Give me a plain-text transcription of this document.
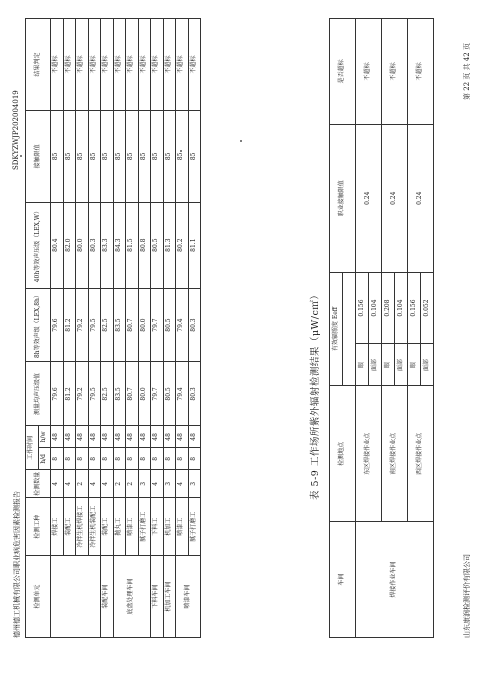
德州德工机械有限公司职业病危害因素检测报告
SDKYZWJP202004019
检测单元	检测工种	检测数量	工作时间		测量均声压级值	8h等效声级（LEX,8h）	40h等效声压级（LEX,W）	接触限值	结果判定
			h/d	h/w					
	焊接工	4	8	48	79.6	79.6	80.4	85	不超标
	装配工	4	8	48	81.2	81.2	82.0	85	不超标
	冷拌生机焊接工	2	8	48	79.2	79.2	80.0	85	不超标
	冷拌生机装配工	4	8	48	79.5	79.5	80.3	85	不超标
装配车间	装配工	4	8	48	82.5	82.5	83.3	85	不超标
底盘处理车间	抛丸工	2	8	48	83.5	83.5	84.3	85	不超标
	喷漆工	2	8	48	80.7	80.7	81.5	85	不超标
	腻子打磨工	3	8	48	80.0	80.0	80.8	85	不超标
下料车间	下料工	4	8	48	79.7	79.7	80.5	85	不超标
机加工车间	机加工	3	8	48	80.5	80.5	81.3	85	不超标
喷漆车间	喷漆工	4	8	48	79.4	79.4	80.2	85	不超标
	腻子打磨工	3	8	48	80.3	80.3	81.1	85	不超标
表 5-9 工作场所紫外辐射检测结果（μW/c㎡）
车间	检测地点	有效辐照度 Eeff		职业接触限值	是否超标

焊接作业车间	东区焊接作业点	眼	0.156	0.24	不超标
		面部	0.104		
	南区焊接作业点	眼	0.208	0.24	不超标
		面部	0.104		
	西区焊接作业点	眼	0.156	0.24	不超标
		面部	0.052		
山东康润检测评价有限公司
第 22 页 共 42 页
